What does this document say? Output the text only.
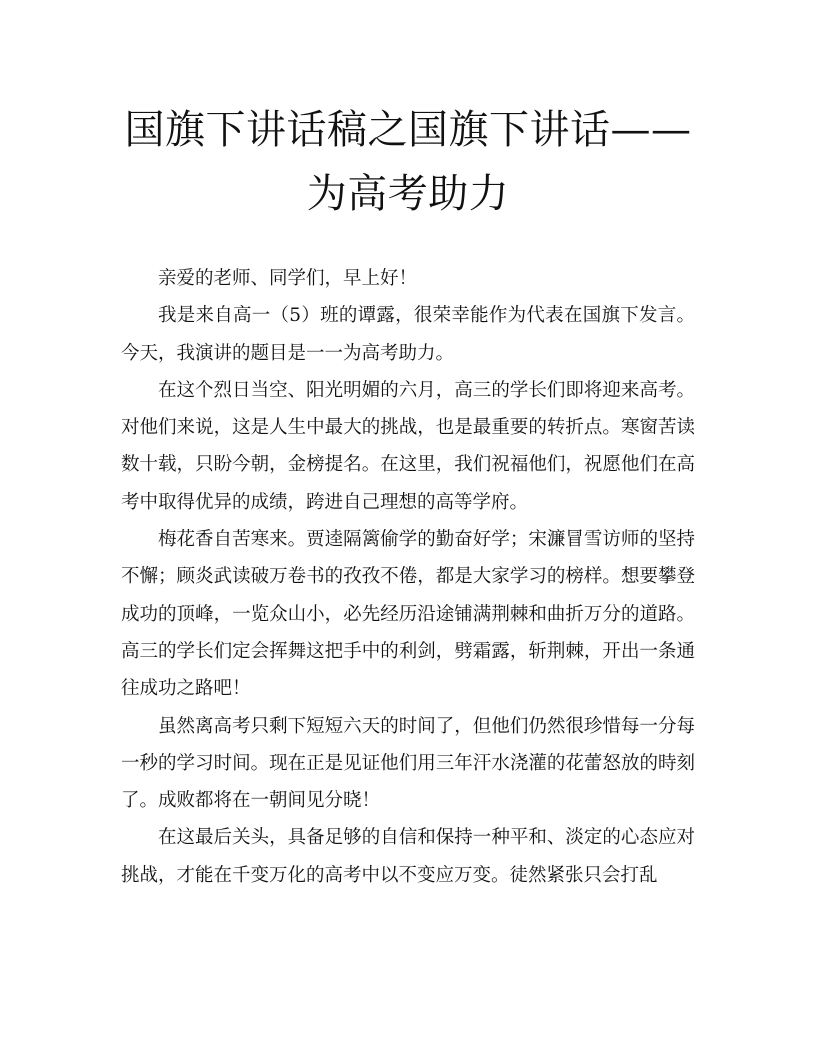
国旗下讲话稿之国旗下讲话——为高考助力

亲爱的老师、同学们，早上好！

我是来自高一（5）班的谭露，很荣幸能作为代表在国旗下发言。今天，我演讲的题目是一一为高考助力。

在这个烈日当空、阳光明媚的六月，高三的学长们即将迎来高考。对他们来说，这是人生中最大的挑战，也是最重要的转折点。寒窗苦读数十载，只盼今朝，金榜提名。在这里，我们祝福他们，祝愿他们在高考中取得优异的成绩，跨进自己理想的高等学府。

梅花香自苦寒来。贾逵隔篱偷学的勤奋好学；宋濂冒雪访师的坚持不懈；顾炎武读破万卷书的孜孜不倦，都是大家学习的榜样。想要攀登成功的顶峰，一览众山小，必先经历沿途铺满荆棘和曲折万分的道路。高三的学长们定会挥舞这把手中的利剑，劈霜露，斩荆棘，开出一条通往成功之路吧！

虽然离高考只剩下短短六天的时间了，但他们仍然很珍惜每一分每一秒的学习时间。现在正是见证他们用三年汗水浇灌的花蕾怒放的時刻了。成败都将在一朝间见分晓！

在这最后关头，具备足够的自信和保持一种平和、淡定的心态应对挑战，才能在千变万化的高考中以不变应万变。徒然紧张只会打乱
